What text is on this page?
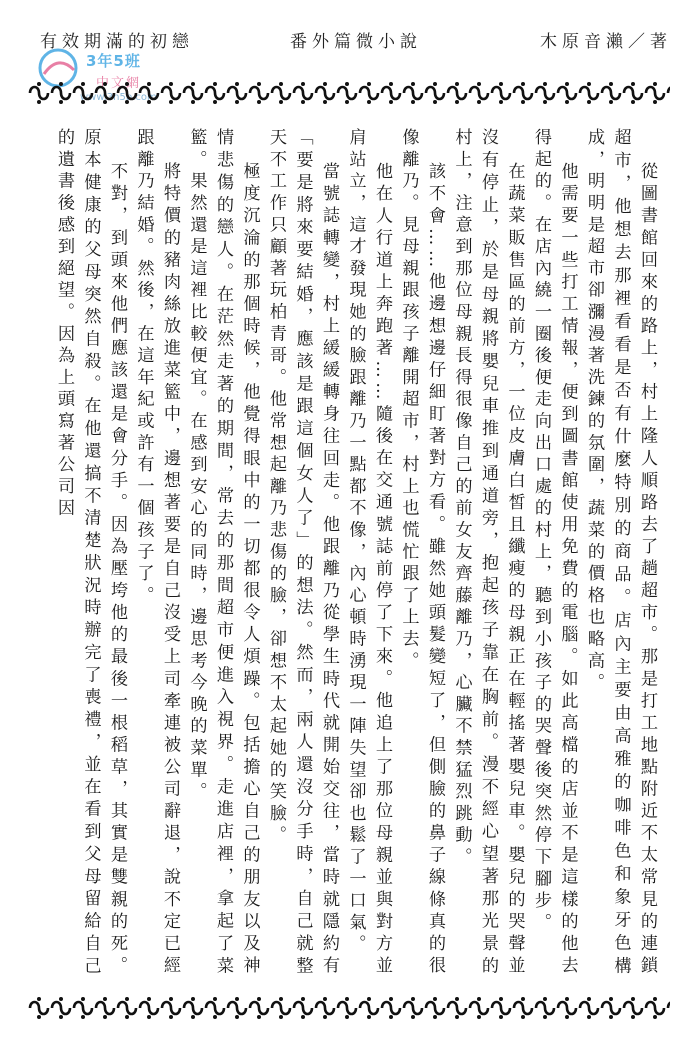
有效期滿的初戀	番外篇微小說	木原音瀨／著
3年5班

從圖書館回來的路上，村上隆人順路去了趟超市。那是打工地點附近不太常見的連鎖超市，他想去那裡看看是否有什麼特別的商品。店內主要由高雅的咖啡色和象牙色構成，明明是超市卻瀰漫著洗鍊的氛圍，蔬菜的價格也略高。

他需要一些打工情報，便到圖書館使用免費的電腦。如此高檔的店並不是這樣的他去得起的。在店內繞一圈後便走向出口處的村上，聽到小孩子的哭聲後突然停下腳步。

在蔬菜販售區的前方，一位皮膚白皙且纖瘦的母親正在輕搖著嬰兒車。嬰兒的哭聲並沒有停止，於是母親將嬰兒車推到通道旁，抱起孩子靠在胸前。漫不經心望著那光景的村上，注意到那位母親長得很像自己的前女友齊藤離乃，心臟不禁猛烈跳動。

該不會……他邊想邊仔細盯著對方看。雖然她頭髮變短了，但側臉的鼻子線條真的很像離乃。見母親跟孩子離開超市，村上也慌忙跟了上去。

他在人行道上奔跑著……隨後在交通號誌前停了下來。他追上了那位母親並與對方並肩站立，這才發現她的臉跟離乃一點都不像，內心頓時湧現一陣失望卻也鬆了一口氣。

當號誌轉變，村上緩緩轉身往回走。他跟離乃從學生時代就開始交往，當時就隱約有「要是將來要結婚，應該是跟這個女人了」的想法。然而，兩人還沒分手時，自己就整天不工作只顧著玩柏青哥。他常想起離乃悲傷的臉，卻想不太起她的笑臉。

極度沉淪的那個時候，他覺得眼中的一切都很令人煩躁。包括擔心自己的朋友以及神情悲傷的戀人。在茫然走著的期間，常去的那間超市便進入視界。走進店裡，拿起了菜籃。果然還是這裡比較便宜。在感到安心的同時，邊思考今晚的菜單。

將特價的豬肉絲放進菜籃中，邊想著要是自己沒受上司牽連被公司辭退，說不定已經跟離乃結婚。然後，在這年紀或許有一個孩子了。

不對，到頭來他們應該還是會分手。因為壓垮他的最後一根稻草，其實是雙親的死。原本健康的父母突然自殺。在他還搞不清楚狀況時辦完了喪禮，並在看到父母留給自己的遺書後感到絕望。因為上頭寫著公司因
